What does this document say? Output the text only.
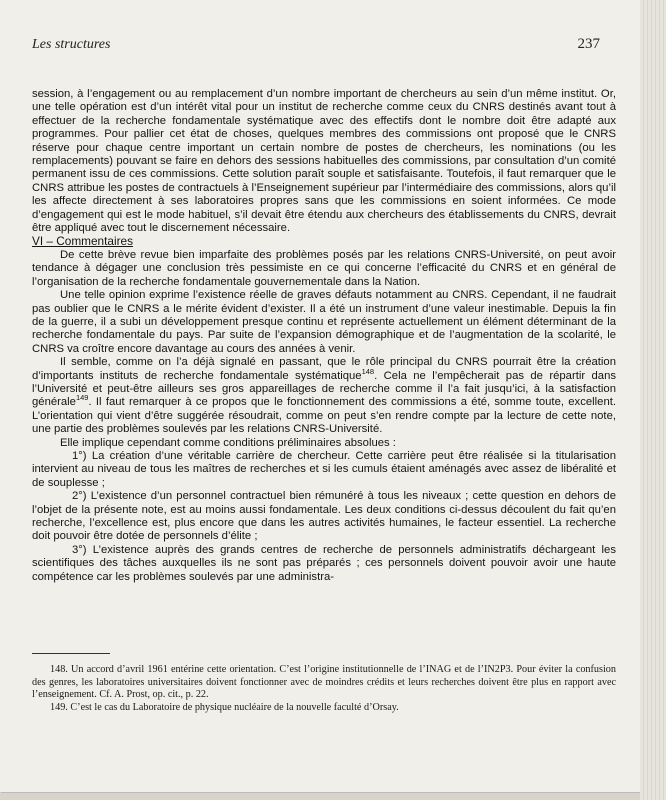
Les structures	237

session, à l’engagement ou au remplacement d’un nombre important de chercheurs au sein d’un même institut. Or, une telle opération est d’un intérêt vital pour un institut de recherche comme ceux du CNRS destinés avant tout à effectuer de la recherche fondamentale systématique avec des effectifs dont le nombre doit être adapté aux programmes. Pour pallier cet état de choses, quelques membres des commissions ont proposé que le CNRS réserve pour chaque centre important un certain nombre de postes de chercheurs, les nominations (ou les remplacements) pouvant se faire en dehors des sessions habituelles des commissions, par consultation d’un comité permanent issu de ces commissions. Cette solution paraît souple et satisfaisante. Toutefois, il faut remarquer que le CNRS attribue les postes de contractuels à l’Enseignement supérieur par l’intermédiaire des commissions, alors qu’il les affecte directement à ses laboratoires propres sans que les commissions en soient informées. Ce mode d’engagement qui est le mode habituel, s’il devait être étendu aux chercheurs des établissements du CNRS, devrait être appliqué avec tout le discernement nécessaire.

VI – Commentaires

De cette brève revue bien imparfaite des problèmes posés par les relations CNRS-Université, on peut avoir tendance à dégager une conclusion très pessimiste en ce qui concerne l’efficacité du CNRS et en général de l’organisation de la recherche fondamentale gouvernementale dans la Nation.

Une telle opinion exprime l’existence réelle de graves défauts notamment au CNRS. Cependant, il ne faudrait pas oublier que le CNRS a le mérite évident d’exister. Il a été un instrument d’une valeur inestimable. Depuis la fin de la guerre, il a subi un développement presque continu et représente actuellement un élément déterminant de la recherche fondamentale du pays. Par suite de l’expansion démographique et de l’augmentation de la scolarité, le CNRS va croître encore davantage au cours des années à venir.

Il semble, comme on l’a déjà signalé en passant, que le rôle principal du CNRS pourrait être la création d’importants instituts de recherche fondamentale systématique$^{148}$. Cela ne l’empêcherait pas de répartir dans l’Université et peut-être ailleurs ses gros appareillages de recherche comme il l’a fait jusqu’ici, à la satisfaction générale$^{149}$. Il faut remarquer à ce propos que le fonctionnement des commissions a été, somme toute, excellent. L’orientation qui vient d’être suggérée résoudrait, comme on peut s’en rendre compte par la lecture de cette note, une partie des problèmes soulevés par les relations CNRS-Université.

Elle implique cependant comme conditions préliminaires absolues :

1°) La création d’une véritable carrière de chercheur. Cette carrière peut être réalisée si la titularisation intervient au niveau de tous les maîtres de recherches et si les cumuls étaient aménagés avec assez de libéralité et de souplesse ;

2°) L’existence d’un personnel contractuel bien rémunéré à tous les niveaux ; cette question en dehors de l’objet de la présente note, est au moins aussi fondamentale. Les deux conditions ci-dessus découlent du fait qu’en recherche, l’excellence est, plus encore que dans les autres activités humaines, le facteur essentiel. La recherche doit pouvoir être dotée de personnels d’élite ;

3°) L’existence auprès des grands centres de recherche de personnels administratifs déchargeant les scientifiques des tâches auxquelles ils ne sont pas préparés ; ces personnels doivent pouvoir avoir une haute compétence car les problèmes soulevés par une administra-

148. Un accord d’avril 1961 entérine cette orientation. C’est l’origine institutionnelle de l’INAG et de l’IN2P3. Pour éviter la confusion des genres, les laboratoires universitaires doivent fonctionner avec de moindres crédits et leurs recherches doivent être plus en rapport avec l’enseignement. Cf. A. Prost, op. cit., p. 22.

149. C’est le cas du Laboratoire de physique nucléaire de la nouvelle faculté d’Orsay.
